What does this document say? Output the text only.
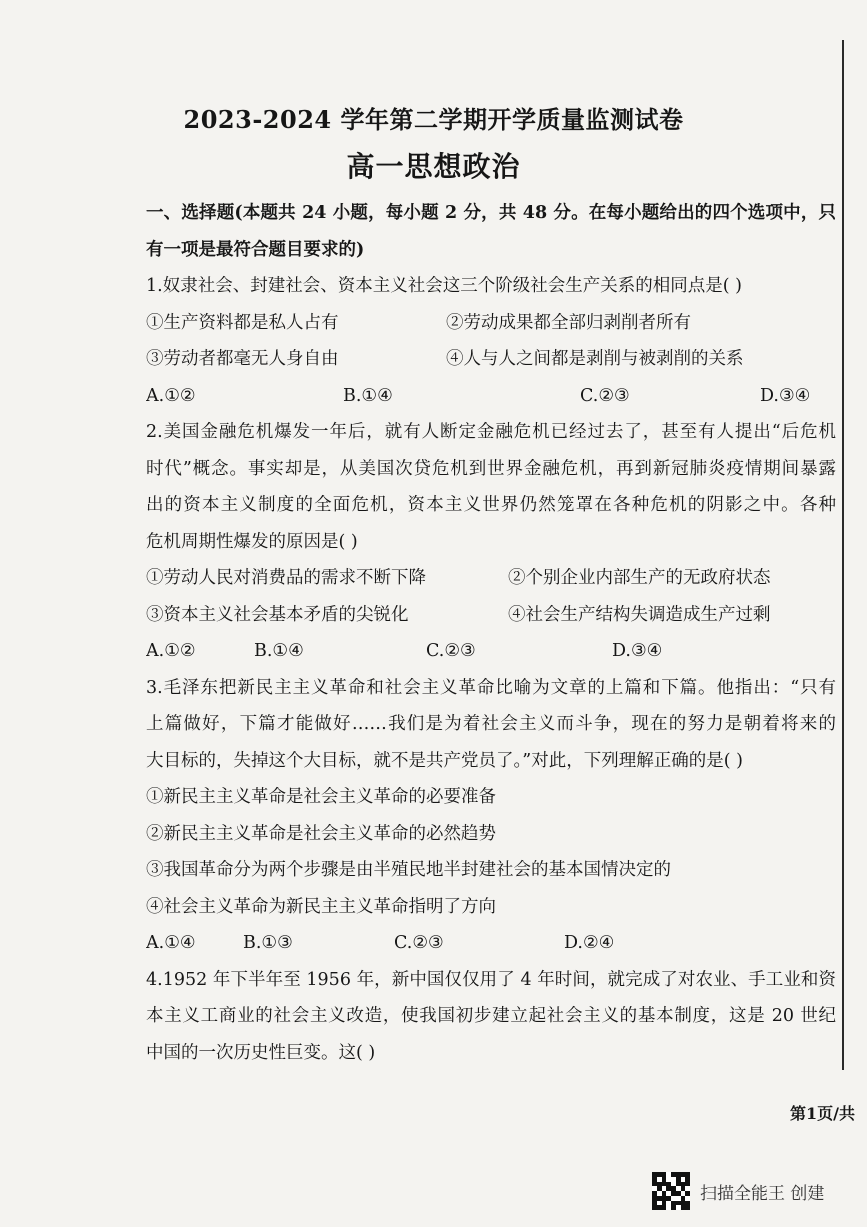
2023-2024 学年第二学期开学质量监测试卷
高一思想政治
一、选择题(本题共 24 小题，每小题 2 分，共 48 分。在每小题给出的四个选项中，只
有一项是最符合题目要求的)
1.奴隶社会、封建社会、资本主义社会这三个阶级社会生产关系的相同点是( )
①生产资料都是私人占有	②劳动成果都全部归剥削者所有
③劳动者都毫无人身自由	④人与人之间都是剥削与被剥削的关系
A.①②	B.①④	C.②③	D.③④
2.美国金融危机爆发一年后，就有人断定金融危机已经过去了，甚至有人提出“后危机
时代”概念。事实却是，从美国次贷危机到世界金融危机，再到新冠肺炎疫情期间暴露
出的资本主义制度的全面危机，资本主义世界仍然笼罩在各种危机的阴影之中。各种
危机周期性爆发的原因是( )
①劳动人民对消费品的需求不断下降	②个别企业内部生产的无政府状态
③资本主义社会基本矛盾的尖锐化	④社会生产结构失调造成生产过剩
A.①②	B.①④	C.②③	D.③④
3.毛泽东把新民主主义革命和社会主义革命比喻为文章的上篇和下篇。他指出：“只有
上篇做好，下篇才能做好……我们是为着社会主义而斗争，现在的努力是朝着将来的
大目标的，失掉这个大目标，就不是共产党员了。”对此，下列理解正确的是( )
①新民主主义革命是社会主义革命的必要准备
②新民主主义革命是社会主义革命的必然趋势
③我国革命分为两个步骤是由半殖民地半封建社会的基本国情决定的
④社会主义革命为新民主主义革命指明了方向
A.①④	B.①③	C.②③	D.②④
4.1952 年下半年至 1956 年，新中国仅仅用了 4 年时间，就完成了对农业、手工业和资
本主义工商业的社会主义改造，使我国初步建立起社会主义的基本制度，这是 20 世纪
中国的一次历史性巨变。这( )
第1页/共
扫描全能王 创建
